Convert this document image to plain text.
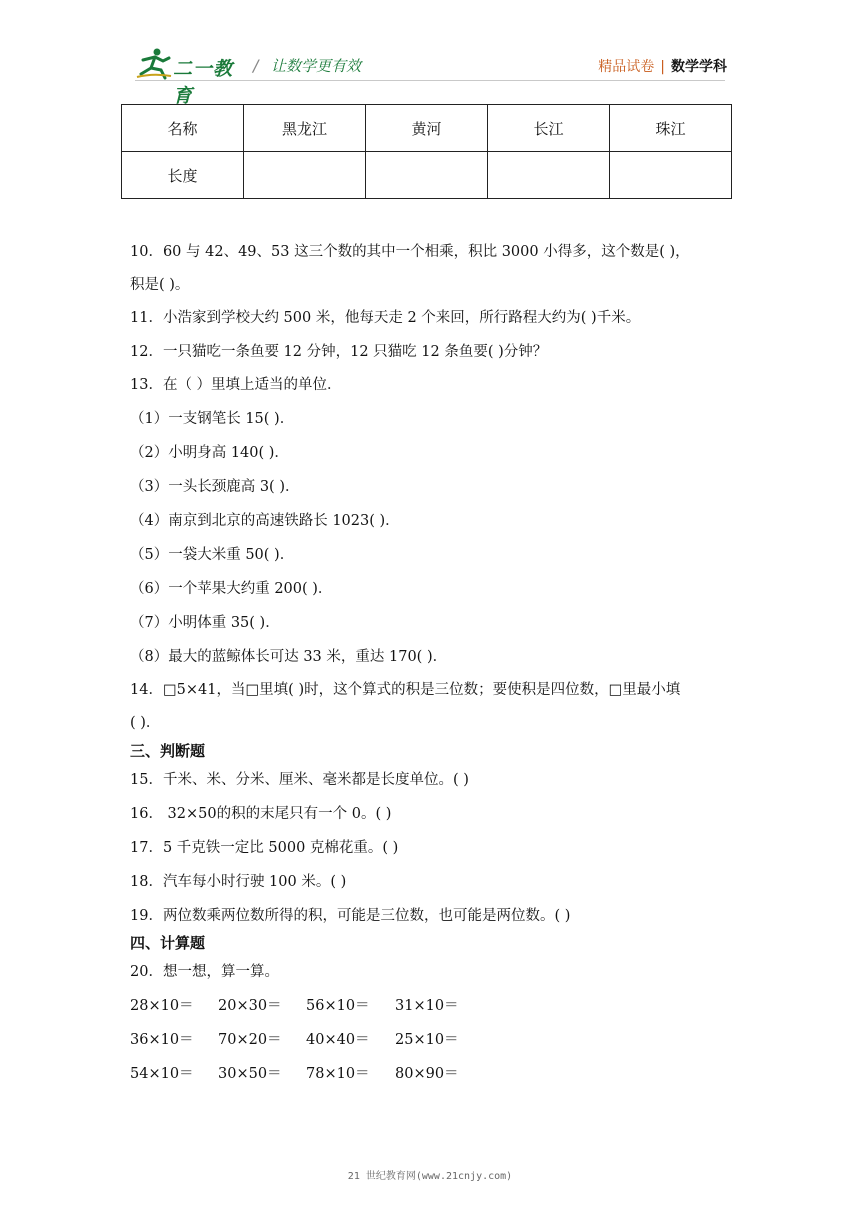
二一教育
/ 让数学更有效	精品试卷 | 数学学科
名称	黑龙江	黄河	长江	珠江
长度				
10．60 与 42、49、53 这三个数的其中一个相乘，积比 3000 小得多，这个数是( )，
积是( )。
11．小浩家到学校大约 500 米，他每天走 2 个来回，所行路程大约为( )千米。
12．一只猫吃一条鱼要 12 分钟，12 只猫吃 12 条鱼要( )分钟？
13．在（ ）里填上适当的单位．
（1）一支钢笔长 15( )．
（2）小明身高 140( )．
（3）一头长颈鹿高 3( )．
（4）南京到北京的高速铁路长 1023( )．
（5）一袋大米重 50( )．
（6）一个苹果大约重 200( )．
（7）小明体重 35( )．
（8）最大的蓝鲸体长可达 33 米，重达 170( )．
14．□5×41，当□里填( )时，这个算式的积是三位数；要使积是四位数，□里最小填
( )．
三、判断题
15．千米、米、分米、厘米、毫米都是长度单位。( )
16． 32×50的积的末尾只有一个 0。( )
17．5 千克铁一定比 5000 克棉花重。( )
18．汽车每小时行驶 100 米。( )
19．两位数乘两位数所得的积，可能是三位数，也可能是两位数。( )
四、计算题
20．想一想，算一算。
28×10＝ 20×30＝ 56×10＝ 31×10＝
36×10＝ 70×20＝ 40×40＝ 25×10＝
54×10＝ 30×50＝ 78×10＝ 80×90＝
21 世纪教育网(www.21cnjy.com)
